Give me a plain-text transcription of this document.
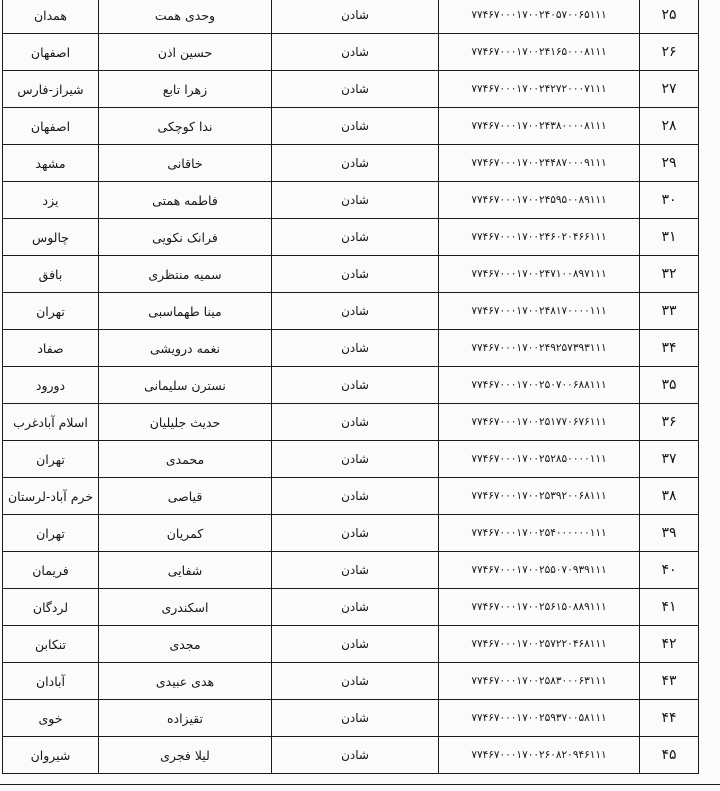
۲۵	۷۷۴۶۷۰۰۰۱۷۰۰۲۴۰۵۷۰۰۶۵۱۱۱	شادن	وحدی همت	همدان
۲۶	۷۷۴۶۷۰۰۰۱۷۰۰۲۴۱۶۵۰۰۰۸۱۱۱	شادن	حسین اذن	اصفهان
۲۷	۷۷۴۶۷۰۰۰۱۷۰۰۲۴۲۷۲۰۰۰۷۱۱۱	شادن	زهرا تابع	شیراز-فارس
۲۸	۷۷۴۶۷۰۰۰۱۷۰۰۲۴۳۸۰۰۰۰۸۱۱۱	شادن	ندا کوچکی	اصفهان
۲۹	۷۷۴۶۷۰۰۰۱۷۰۰۲۴۴۸۷۰۰۰۹۱۱۱	شادن	خاقانی	مشهد
۳۰	۷۷۴۶۷۰۰۰۱۷۰۰۲۴۵۹۵۰۰۸۹۱۱۱	شادن	فاطمه همتی	یزد
۳۱	۷۷۴۶۷۰۰۰۱۷۰۰۲۴۶۰۲۰۴۶۶۱۱۱	شادن	فرانک نکویی	چالوس
۳۲	۷۷۴۶۷۰۰۰۱۷۰۰۲۴۷۱۰۰۸۹۷۱۱۱	شادن	سمیه منتظری	بافق
۳۳	۷۷۴۶۷۰۰۰۱۷۰۰۲۴۸۱۷۰۰۰۰۱۱۱	شادن	مینا طهماسبی	تهران
۳۴	۷۷۴۶۷۰۰۰۱۷۰۰۲۴۹۲۵۷۳۹۳۱۱۱	شادن	نغمه درویشی	صفاد
۳۵	۷۷۴۶۷۰۰۰۱۷۰۰۲۵۰۷۰۰۶۸۸۱۱۱	شادن	نسترن سلیمانی	دورود
۳۶	۷۷۴۶۷۰۰۰۱۷۰۰۲۵۱۷۷۰۶۷۶۱۱۱	شادن	حدیث جلیلیان	اسلام آبادغرب
۳۷	۷۷۴۶۷۰۰۰۱۷۰۰۲۵۲۸۵۰۰۰۰۱۱۱	شادن	محمدی	تهران
۳۸	۷۷۴۶۷۰۰۰۱۷۰۰۲۵۳۹۲۰۰۶۸۱۱۱	شادن	قیاصی	خرم آباد-لرستان
۳۹	۷۷۴۶۷۰۰۰۱۷۰۰۲۵۴۰۰۰۰۰۰۱۱۱	شادن	کمریان	تهران
۴۰	۷۷۴۶۷۰۰۰۱۷۰۰۲۵۵۰۷۰۹۳۹۱۱۱	شادن	شفایی	فریمان
۴۱	۷۷۴۶۷۰۰۰۱۷۰۰۲۵۶۱۵۰۸۸۹۱۱۱	شادن	اسکندری	لردگان
۴۲	۷۷۴۶۷۰۰۰۱۷۰۰۲۵۷۲۲۰۴۶۸۱۱۱	شادن	مجدی	تنکابن
۴۳	۷۷۴۶۷۰۰۰۱۷۰۰۲۵۸۳۰۰۰۶۳۱۱۱	شادن	هدی عبیدی	آبادان
۴۴	۷۷۴۶۷۰۰۰۱۷۰۰۲۵۹۳۷۰۰۵۸۱۱۱	شادن	تقیزاده	خوی
۴۵	۷۷۴۶۷۰۰۰۱۷۰۰۲۶۰۸۲۰۹۴۶۱۱۱	شادن	لیلا فجری	شیروان
